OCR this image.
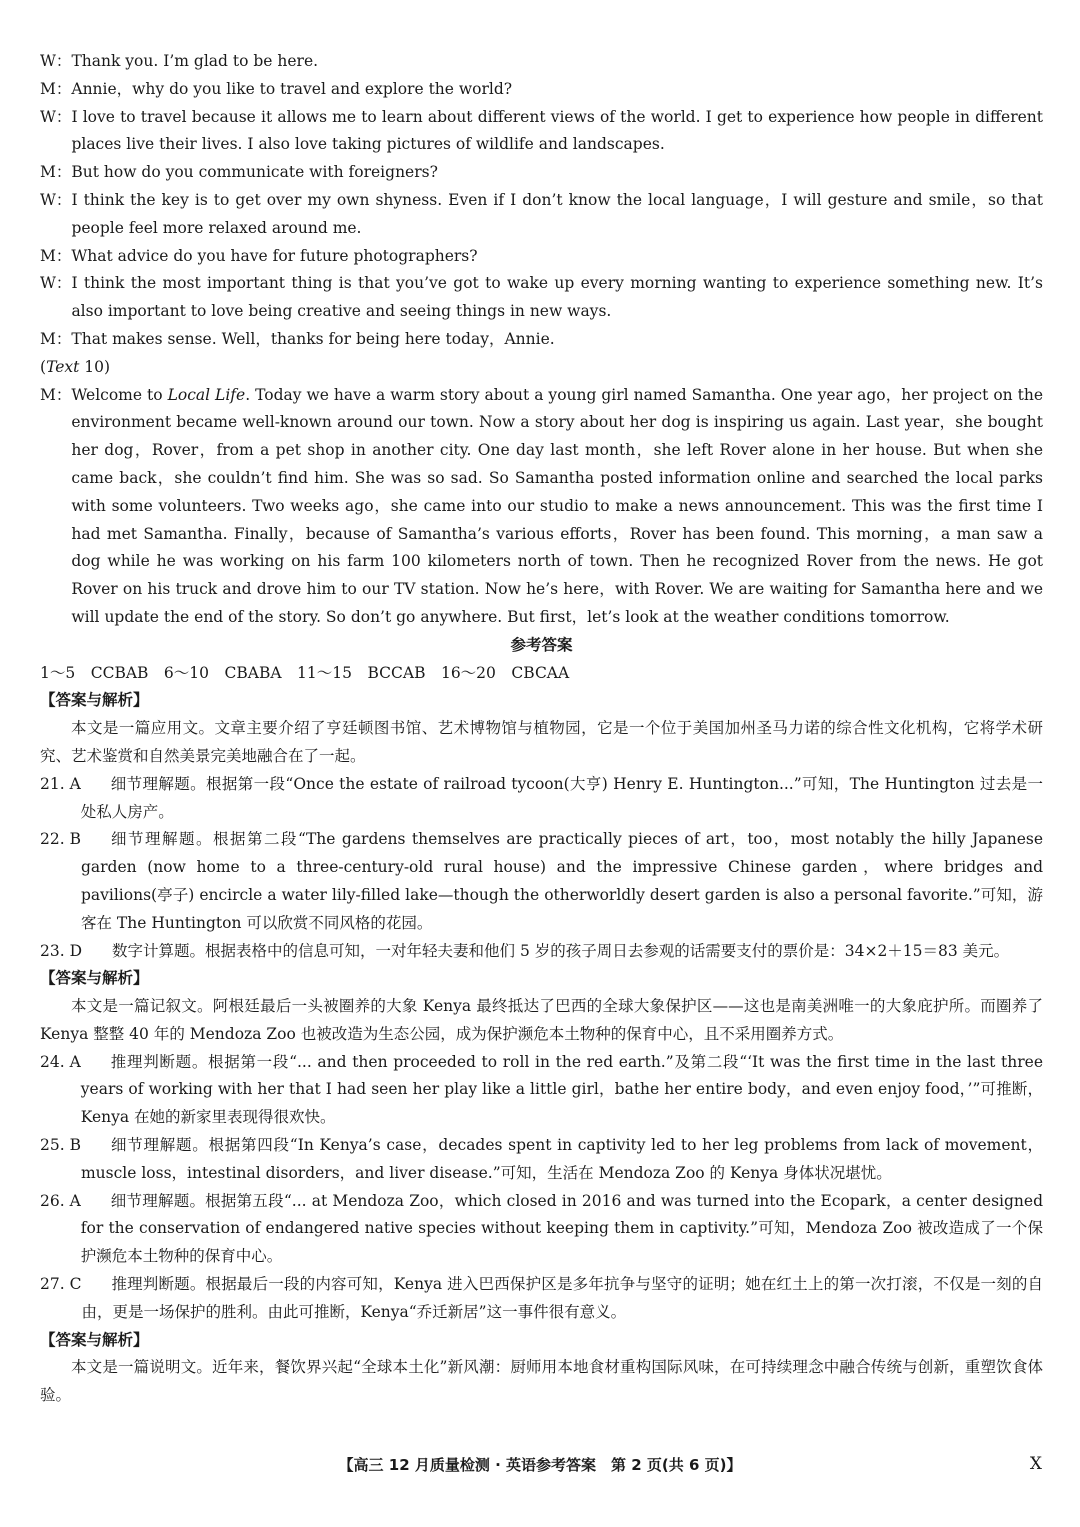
W： Thank you. I’m glad to be here.
M： Annie，why do you like to travel and explore the world?
W： I love to travel because it allows me to learn about different views of the world. I get to experience how people in different places live their lives. I also love taking pictures of wildlife and landscapes.
M： But how do you communicate with foreigners?
W： I think the key is to get over my own shyness. Even if I don’t know the local language，I will gesture and smile，so that people feel more relaxed around me.
M： What advice do you have for future photographers?
W： I think the most important thing is that you’ve got to wake up every morning wanting to experience something new. It’s also important to love being creative and seeing things in new ways.
M： That makes sense. Well，thanks for being here today，Annie.
(Text 10)
M： Welcome to Local Life. Today we have a warm story about a young girl named Samantha. One year ago，her project on the environment became well-known around our town. Now a story about her dog is inspiring us again. Last year，she bought her dog，Rover，from a pet shop in another city. One day last month，she left Rover alone in her house. But when she came back，she couldn’t find him. She was so sad. So Samantha posted information online and searched the local parks with some volunteers. Two weeks ago，she came into our studio to make a news announcement. This was the first time I had met Samantha. Finally，because of Samantha’s various efforts，Rover has been found. This morning，a man saw a dog while he was working on his farm 100 kilometers north of town. Then he recognized Rover from the news. He got Rover on his truck and drove him to our TV station. Now he’s here，with Rover. We are waiting for Samantha here and we will update the end of the story. So don’t go anywhere. But first，let’s look at the weather conditions tomorrow.
参考答案
1～5　CCBAB　6～10　CBABA　11～15　BCCAB　16～20　CBCAA
【答案与解析】
本文是一篇应用文。文章主要介绍了亨廷顿图书馆、艺术博物馆与植物园，它是一个位于美国加州圣马力诺的综合性文化机构，它将学术研究、艺术鉴赏和自然美景完美地融合在了一起。
21. A	细节理解题。根据第一段“Once the estate of railroad tycoon(大亨) Henry E. Huntington...”可知，The Huntington 过去是一处私人房产。
22. B	细节理解题。根据第二段“The gardens themselves are practically pieces of art，too，most notably the hilly Japanese garden (now home to a three-century-old rural house) and the impressive Chinese garden，where bridges and pavilions(亭子) encircle a water lily-filled lake—though the otherworldly desert garden is also a personal favorite.”可知，游客在 The Huntington 可以欣赏不同风格的花园。
23. D	数字计算题。根据表格中的信息可知，一对年轻夫妻和他们 5 岁的孩子周日去参观的话需要支付的票价是：34×2＋15＝83 美元。
【答案与解析】
本文是一篇记叙文。阿根廷最后一头被圈养的大象 Kenya 最终抵达了巴西的全球大象保护区——这也是南美洲唯一的大象庇护所。而圈养了 Kenya 整整 40 年的 Mendoza Zoo 也被改造为生态公园，成为保护濒危本土物种的保育中心，且不采用圈养方式。
24. A	推理判断题。根据第一段“... and then proceeded to roll in the red earth.”及第二段“‘It was the first time in the last three years of working with her that I had seen her play like a little girl，bathe her entire body，and even enjoy food，’”可推断，Kenya 在她的新家里表现得很欢快。
25. B	细节理解题。根据第四段“In Kenya’s case，decades spent in captivity led to her leg problems from lack of movement，muscle loss，intestinal disorders，and liver disease.”可知，生活在 Mendoza Zoo 的 Kenya 身体状况堪忧。
26. A	细节理解题。根据第五段“... at Mendoza Zoo，which closed in 2016 and was turned into the Ecopark，a center designed for the conservation of endangered native species without keeping them in captivity.”可知，Mendoza Zoo 被改造成了一个保护濒危本土物种的保育中心。
27. C	推理判断题。根据最后一段的内容可知，Kenya 进入巴西保护区是多年抗争与坚守的证明；她在红土上的第一次打滚，不仅是一刻的自由，更是一场保护的胜利。由此可推断，Kenya“乔迁新居”这一事件很有意义。
【答案与解析】
本文是一篇说明文。近年来，餐饮界兴起“全球本土化”新风潮：厨师用本地食材重构国际风味，在可持续理念中融合传统与创新，重塑饮食体验。
【高三 12 月质量检测 · 英语参考答案　第 2 页(共 6 页)】	X
